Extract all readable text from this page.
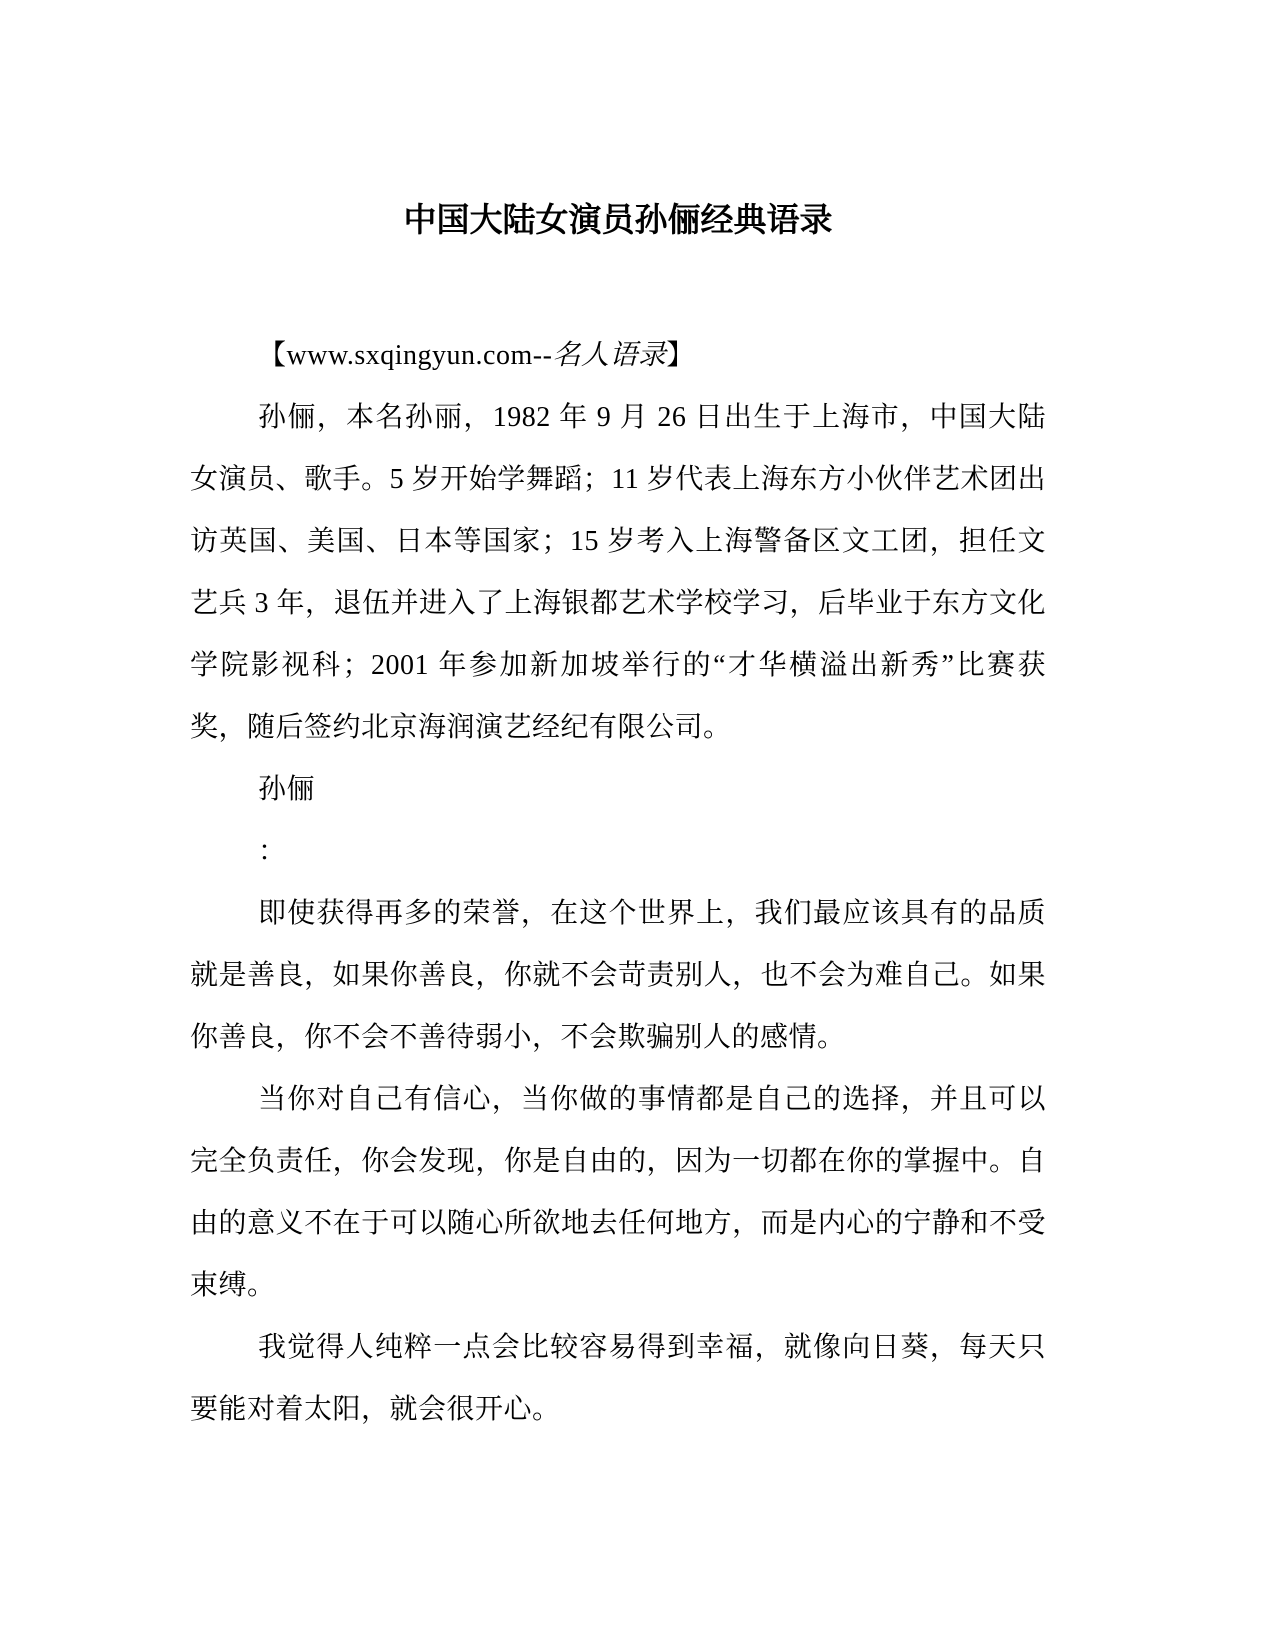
中国大陆女演员孙俪经典语录

【www.sxqingyun.com--名人语录】

孙俪，本名孙丽，1982 年 9 月 26 日出生于上海市，中国大陆女演员、歌手。5 岁开始学舞蹈；11 岁代表上海东方小伙伴艺术团出访英国、美国、日本等国家；15 岁考入上海警备区文工团，担任文艺兵 3 年，退伍并进入了上海银都艺术学校学习，后毕业于东方文化学院影视科；2001 年参加新加坡举行的“才华横溢出新秀”比赛获奖，随后签约北京海润演艺经纪有限公司。

孙俪

：

即使获得再多的荣誉，在这个世界上，我们最应该具有的品质就是善良，如果你善良，你就不会苛责别人，也不会为难自己。如果你善良，你不会不善待弱小，不会欺骗别人的感情。

当你对自己有信心，当你做的事情都是自己的选择，并且可以完全负责任，你会发现，你是自由的，因为一切都在你的掌握中。自由的意义不在于可以随心所欲地去任何地方，而是内心的宁静和不受束缚。

我觉得人纯粹一点会比较容易得到幸福，就像向日葵，每天只要能对着太阳，就会很开心。
